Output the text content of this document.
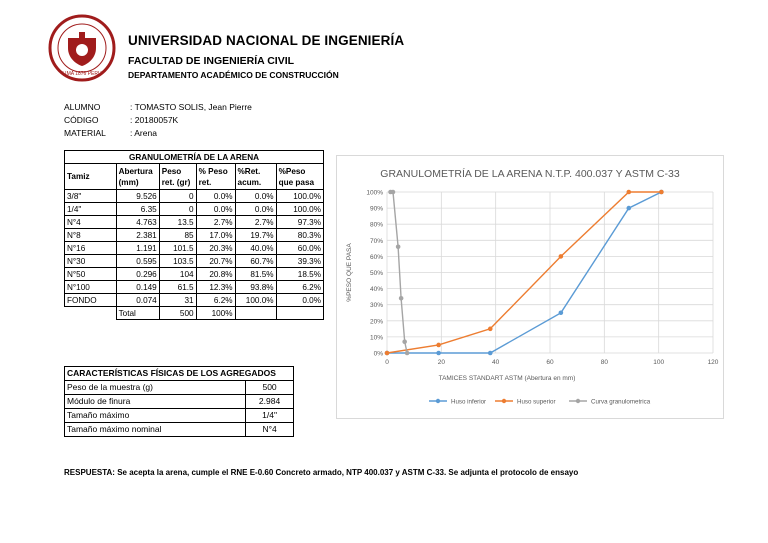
LIMA 1876 PERU
UNIVERSIDAD NACIONAL DE INGENIERÍA
FACULTAD DE INGENIERÍA CIVIL
DEPARTAMENTO ACADÉMICO DE CONSTRUCCIÓN
ALUMNO	: TOMASTO SOLIS, Jean Pierre
CÓDIGO	: 20180057K
MATERIAL	: Arena
GRANULOMETRÍA DE LA ARENA					
Tamiz	Abertura (mm)	Peso ret. (gr)	% Peso ret.	%Ret. acum.	%Peso que pasa
3/8"	9.526	0	0.0%	0.0%	100.0%
1/4"	6.35	0	0.0%	0.0%	100.0%
N°4	4.763	13.5	2.7%	2.7%	97.3%
N°8	2.381	85	17.0%	19.7%	80.3%
N°16	1.191	101.5	20.3%	40.0%	60.0%
N°30	0.595	103.5	20.7%	60.7%	39.3%
N°50	0.296	104	20.8%	81.5%	18.5%
N°100	0.149	61.5	12.3%	93.8%	6.2%
FONDO	0.074	31	6.2%	100.0%	0.0%
	Total	500	100%		
CARACTERÍSTICAS FÍSICAS DE LOS AGREGADOS	
Peso de la muestra (g)	500
Módulo de finura	2.984
Tamaño máximo	1/4"
Tamaño máximo nominal	N°4
RESPUESTA: Se acepta la arena, cumple el RNE E-0.60 Concreto armado, NTP 400.037 y ASTM C-33. Se adjunta el protocolo de ensayo
GRANULOMETRÍA DE LA ARENA N.T.P. 400.037 Y ASTM C-33
0%
10%
20%
30%
40%
50%
60%
70%
80%
90%
100%
0	20	40	60	80	100	120
TAMICES STANDART ASTM (Abertura en mm)
%PESO QUE PASA
Huso inferior	Huso superior	Curva granulometrica
